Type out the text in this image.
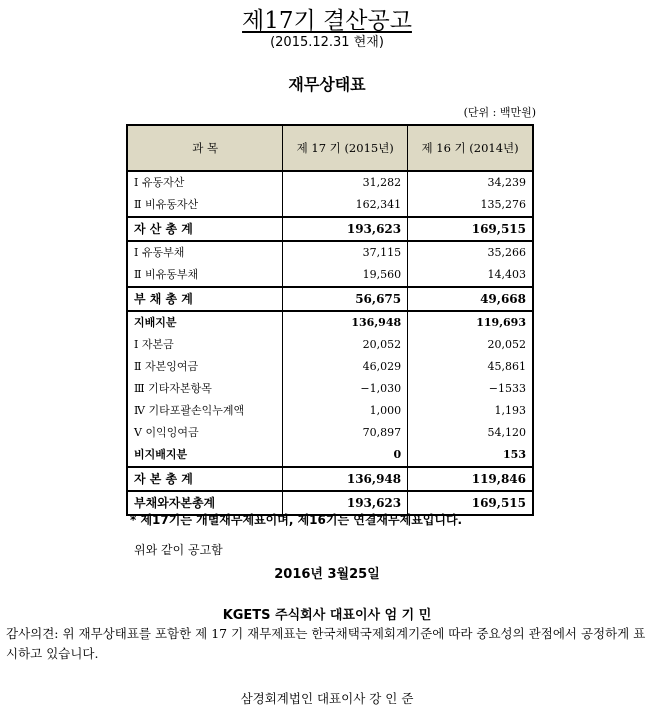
제17기 결산공고
(2015.12.31 현재)
재무상태표
(단위 : 백만원)
과 목	제 17 기 (2015년)	제 16 기 (2014년)
Ⅰ 유동자산	31,282	34,239
Ⅱ 비유동자산	162,341	135,276
자 산 총 계	193,623	169,515
Ⅰ 유동부채	37,115	35,266
Ⅱ 비유동부채	19,560	14,403
부 채 총 계	56,675	49,668
지배지분	136,948	119,693
Ⅰ 자본금	20,052	20,052
Ⅱ 자본잉여금	46,029	45,861
Ⅲ 기타자본항목	−1,030	−1533
Ⅳ 기타포괄손익누계액	1,000	1,193
Ⅴ 이익잉여금	70,897	54,120
비지배지분	0	153
자 본 총 계	136,948	119,846
부채와자본총계	193,623	169,515
* 제17기는 개별재무제표이며, 제16기는 연결재무제표입니다.
위와 같이 공고함
2016년 3월25일
KGETS 주식회사 대표이사 엄 기 민
감사의견: 위 재무상태표를 포함한 제 17 기 재무제표는 한국채택국제회계기준에 따라 중요성의 관점에서 공정하게 표시하고 있습니다.
삼경회계법인 대표이사 강 인 준
